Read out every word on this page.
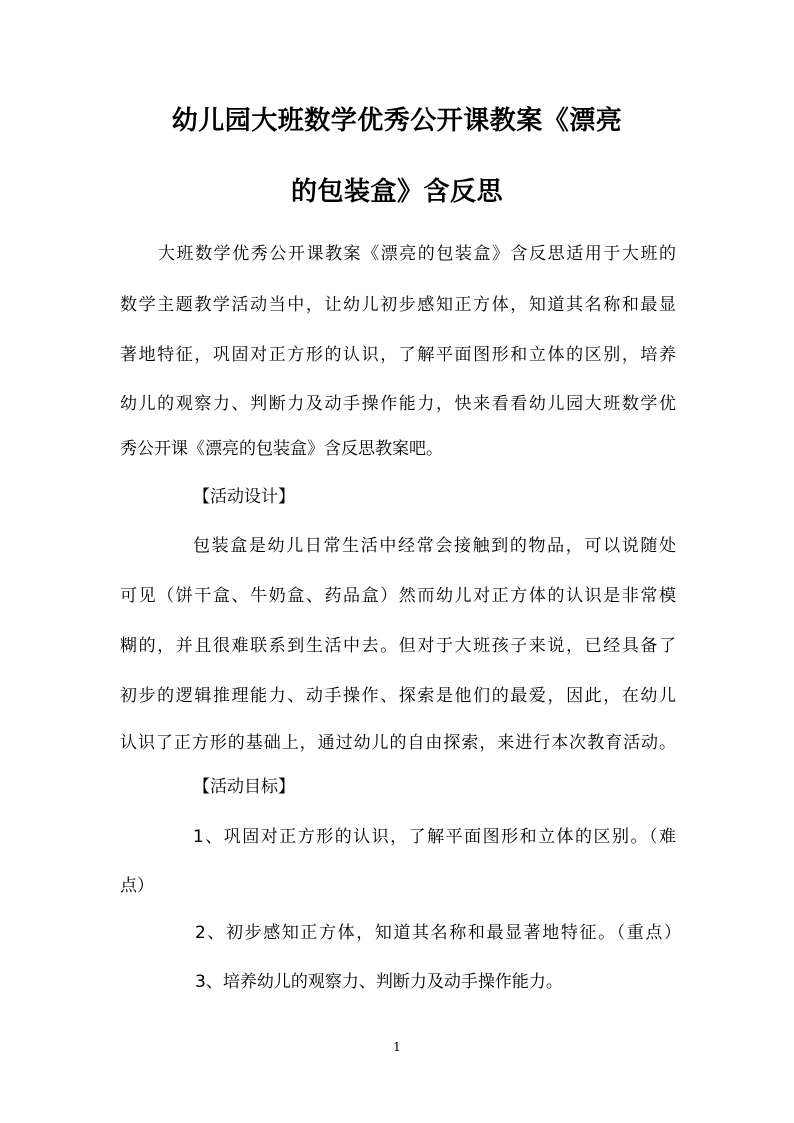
幼儿园大班数学优秀公开课教案《漂亮
的包装盒》含反思
大班数学优秀公开课教案《漂亮的包装盒》含反思适用于大班的
数学主题教学活动当中，让幼儿初步感知正方体，知道其名称和最显
著地特征，巩固对正方形的认识，了解平面图形和立体的区别，培养
幼儿的观察力、判断力及动手操作能力，快来看看幼儿园大班数学优
秀公开课《漂亮的包装盒》含反思教案吧。
【活动设计】
包装盒是幼儿日常生活中经常会接触到的物品，可以说随处
可见（饼干盒、牛奶盒、药品盒）然而幼儿对正方体的认识是非常模
糊的，并且很难联系到生活中去。但对于大班孩子来说，已经具备了
初步的逻辑推理能力、动手操作、探索是他们的最爱，因此，在幼儿
认识了正方形的基础上，通过幼儿的自由探索，来进行本次教育活动。
【活动目标】
1、巩固对正方形的认识，了解平面图形和立体的区别。（难
点）
2、初步感知正方体，知道其名称和最显著地特征。（重点）
3、培养幼儿的观察力、判断力及动手操作能力。
1
